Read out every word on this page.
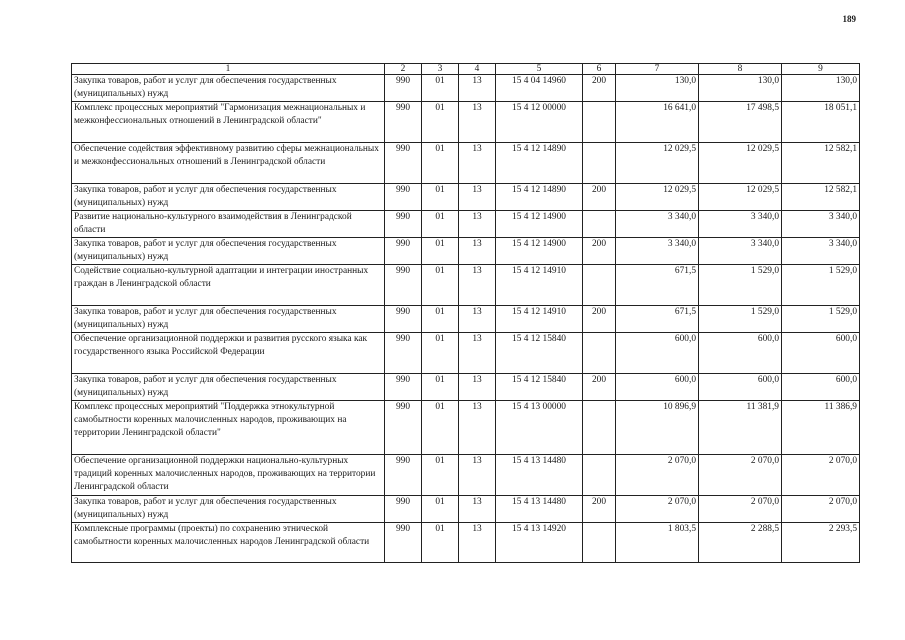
189
1	2	3	4	5	6	7	8	9
Закупка товаров, работ и услуг для обеспечения государственных (муниципальных) нужд	990	01	13	15 4 04 14960	200	130,0	130,0	130,0
Комплекс процессных мероприятий "Гармонизация межнациональных и межконфессиональных отношений в Ленинградской области"	990	01	13	15 4 12 00000		16 641,0	17 498,5	18 051,1
Обеспечение содействия эффективному развитию сферы межнациональных и межконфессиональных отношений в Ленинградской области	990	01	13	15 4 12 14890		12 029,5	12 029,5	12 582,1
Закупка товаров, работ и услуг для обеспечения государственных (муниципальных) нужд	990	01	13	15 4 12 14890	200	12 029,5	12 029,5	12 582,1
Развитие национально-культурного взаимодействия в Ленинградской области	990	01	13	15 4 12 14900		3 340,0	3 340,0	3 340,0
Закупка товаров, работ и услуг для обеспечения государственных (муниципальных) нужд	990	01	13	15 4 12 14900	200	3 340,0	3 340,0	3 340,0
Содействие социально-культурной адаптации и интеграции иностранных граждан в Ленинградской области	990	01	13	15 4 12 14910		671,5	1 529,0	1 529,0
Закупка товаров, работ и услуг для обеспечения государственных (муниципальных) нужд	990	01	13	15 4 12 14910	200	671,5	1 529,0	1 529,0
Обеспечение организационной поддержки и развития русского языка как государственного языка Российской Федерации	990	01	13	15 4 12 15840		600,0	600,0	600,0
Закупка товаров, работ и услуг для обеспечения государственных (муниципальных) нужд	990	01	13	15 4 12 15840	200	600,0	600,0	600,0
Комплекс процессных мероприятий "Поддержка этнокультурной самобытности коренных малочисленных народов, проживающих на территории Ленинградской области"	990	01	13	15 4 13 00000		10 896,9	11 381,9	11 386,9
Обеспечение организационной поддержки национально-культурных традиций коренных малочисленных народов, проживающих на территории Ленинградской области	990	01	13	15 4 13 14480		2 070,0	2 070,0	2 070,0
Закупка товаров, работ и услуг для обеспечения государственных (муниципальных) нужд	990	01	13	15 4 13 14480	200	2 070,0	2 070,0	2 070,0
Комплексные программы (проекты) по сохранению этнической самобытности коренных малочисленных народов Ленинградской области	990	01	13	15 4 13 14920		1 803,5	2 288,5	2 293,5
